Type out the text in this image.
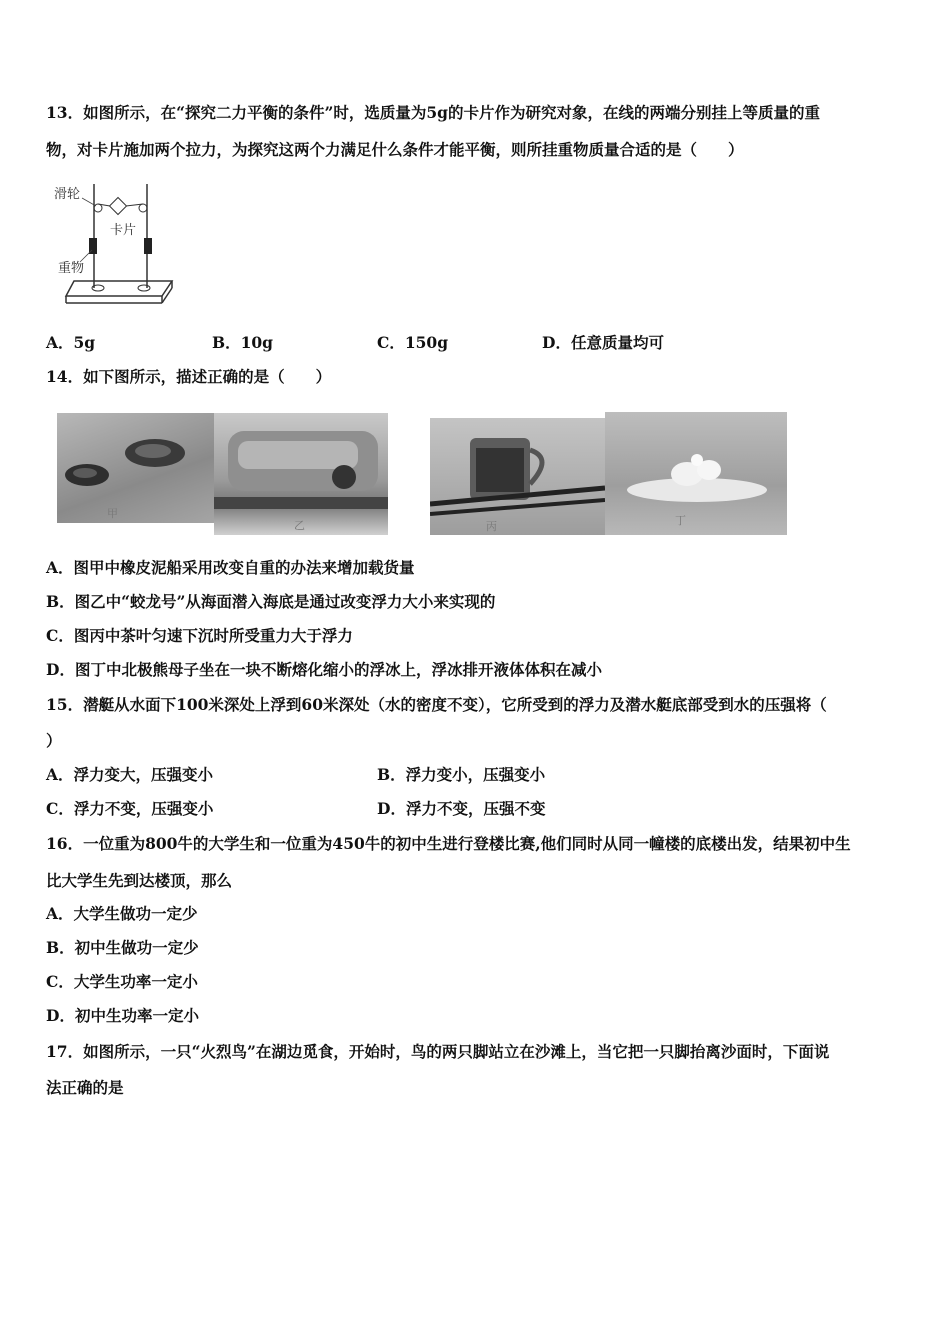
13．如图所示，在“探究二力平衡的条件”时，选质量为5g的卡片作为研究对象，在线的两端分别挂上等质量的重
物，对卡片施加两个拉力，为探究这两个力满足什么条件才能平衡，则所挂重物质量合适的是（　　）
滑轮
卡片
重物
A．5g	B．10g	C．150g	D．任意质量均可
14．如下图所示，描述正确的是（　　）
甲
乙	丙	丁
A．图甲中橡皮泥船采用改变自重的办法来增加载货量
B．图乙中“蛟龙号”从海面潜入海底是通过改变浮力大小来实现的
C．图丙中茶叶匀速下沉时所受重力大于浮力
D．图丁中北极熊母子坐在一块不断熔化缩小的浮冰上，浮冰排开液体体积在减小
15．潜艇从水面下100米深处上浮到60米深处（水的密度不变），它所受到的浮力及潜水艇底部受到水的压强将（
）
A．浮力变大，压强变小	B．浮力变小，压强变小
C．浮力不变，压强变小	D．浮力不变，压强不变
16．一位重为800牛的大学生和一位重为450牛的初中生进行登楼比赛,他们同时从同一幢楼的底楼出发，结果初中生
比大学生先到达楼顶，那么
A．大学生做功一定少
B．初中生做功一定少
C．大学生功率一定小
D．初中生功率一定小
17．如图所示，一只“火烈鸟”在湖边觅食，开始时，鸟的两只脚站立在沙滩上，当它把一只脚抬离沙面时，下面说
法正确的是
